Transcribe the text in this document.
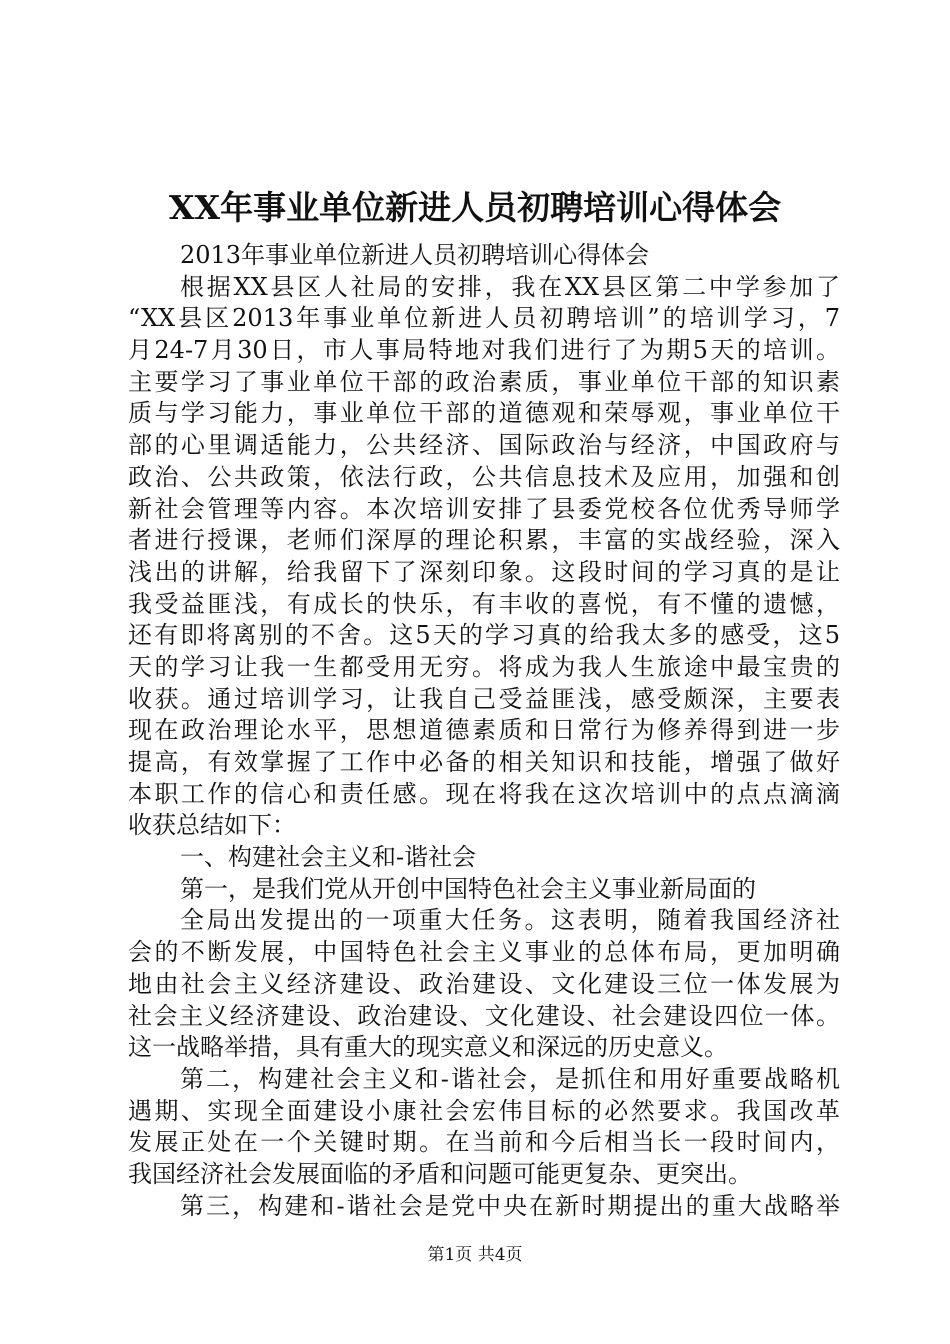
XX年事业单位新进人员初聘培训心得体会

2013年事业单位新进人员初聘培训心得体会

根据XX县区人社局的安排，我在XX县区第二中学参加了

“XX县区2013年事业单位新进人员初聘培训”的培训学习，7

月24-7月30日，市人事局特地对我们进行了为期5天的培训。

主要学习了事业单位干部的政治素质，事业单位干部的知识素

质与学习能力，事业单位干部的道德观和荣辱观，事业单位干

部的心里调适能力，公共经济、国际政治与经济，中国政府与

政治、公共政策，依法行政，公共信息技术及应用，加强和创

新社会管理等内容。本次培训安排了县委党校各位优秀导师学

者进行授课，老师们深厚的理论积累，丰富的实战经验，深入

浅出的讲解，给我留下了深刻印象。这段时间的学习真的是让

我受益匪浅，有成长的快乐，有丰收的喜悦，有不懂的遗憾，

还有即将离别的不舍。这5天的学习真的给我太多的感受，这5

天的学习让我一生都受用无穷。将成为我人生旅途中最宝贵的

收获。通过培训学习，让我自己受益匪浅，感受颇深，主要表

现在政治理论水平，思想道德素质和日常行为修养得到进一步

提高，有效掌握了工作中必备的相关知识和技能，增强了做好

本职工作的信心和责任感。现在将我在这次培训中的点点滴滴

收获总结如下：

一、构建社会主义和-谐社会

第一，是我们党从开创中国特色社会主义事业新局面的

全局出发提出的一项重大任务。这表明，随着我国经济社

会的不断发展，中国特色社会主义事业的总体布局，更加明确

地由社会主义经济建设、政治建设、文化建设三位一体发展为

社会主义经济建设、政治建设、文化建设、社会建设四位一体。

这一战略举措，具有重大的现实意义和深远的历史意义。

第二，构建社会主义和-谐社会，是抓住和用好重要战略机

遇期、实现全面建设小康社会宏伟目标的必然要求。我国改革

发展正处在一个关键时期。在当前和今后相当长一段时间内，

我国经济社会发展面临的矛盾和问题可能更复杂、更突出。

第三，构建和-谐社会是党中央在新时期提出的重大战略举

第1页 共4页
